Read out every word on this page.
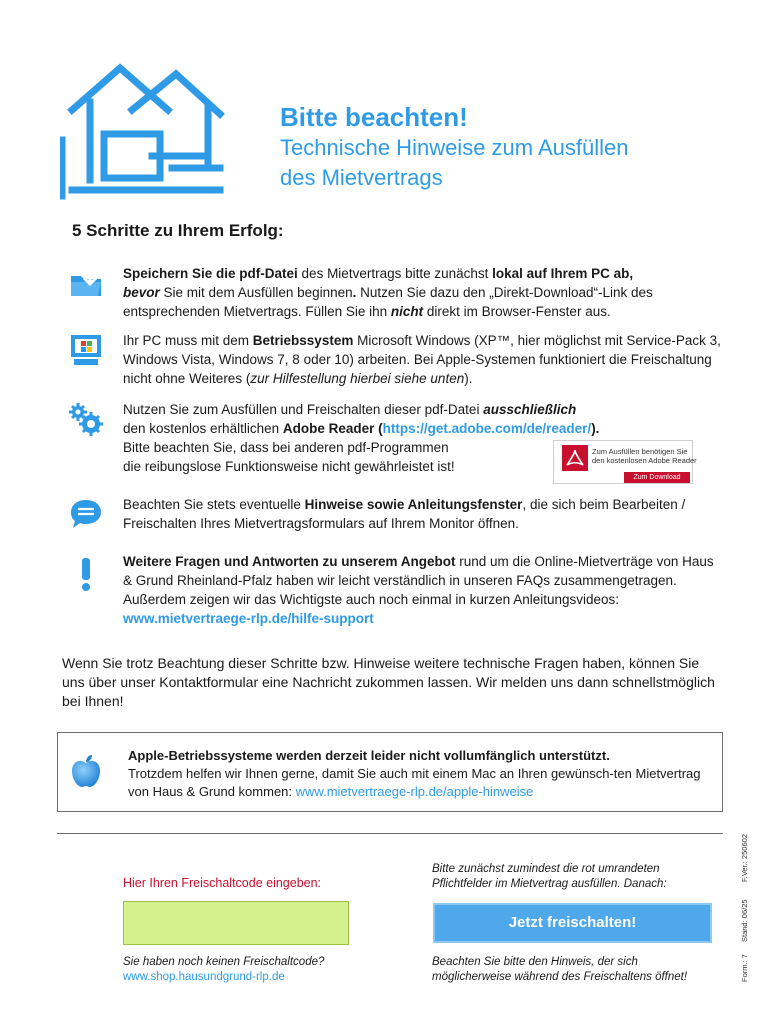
Bitte beachten!
Technische Hinweise zum Ausfüllen des Mietvertrags
5 Schritte zu Ihrem Erfolg:
Speichern Sie die pdf-Datei des Mietvertrags bitte zunächst lokal auf Ihrem PC ab,
bevor Sie mit dem Ausfüllen beginnen. Nutzen Sie dazu den „Direkt-Download“-Link des entsprechenden Mietvertrags. Füllen Sie ihn nicht direkt im Browser-Fenster aus.
Ihr PC muss mit dem Betriebssystem Microsoft Windows (XP™, hier möglichst mit Service-Pack 3, Windows Vista, Windows 7, 8 oder 10) arbeiten. Bei Apple-Systemen funktioniert die Freischaltung nicht ohne Weiteres (zur Hilfestellung hierbei siehe unten).
Nutzen Sie zum Ausfüllen und Freischalten dieser pdf-Datei ausschließlich
den kostenlos erhältlichen Adobe Reader (https://get.adobe.com/de/reader/).
Bitte beachten Sie, dass bei anderen pdf-Programmen
die reibungslose Funktionsweise nicht gewährleistet ist!
Zum Ausfüllen benötigen Sie
den kostenlosen Adobe Reader
Zum Download
Beachten Sie stets eventuelle Hinweise sowie Anleitungsfenster, die sich beim Bearbeiten / Freischalten Ihres Mietvertragsformulars auf Ihrem Monitor öffnen.
Weitere Fragen und Antworten zu unserem Angebot rund um die Online-Mietverträge von Haus & Grund Rheinland-Pfalz haben wir leicht verständlich in unseren FAQs zusammengetragen. Außerdem zeigen wir das Wichtigste auch noch einmal in kurzen Anleitungsvideos: www.mietvertraege-rlp.de/hilfe-support
Wenn Sie trotz Beachtung dieser Schritte bzw. Hinweise weitere technische Fragen haben, können Sie uns über unser Kontaktformular eine Nachricht zukommen lassen. Wir melden uns dann schnellstmöglich bei Ihnen!
Apple-Betriebssysteme werden derzeit leider nicht vollumfänglich unterstützt.
Trotzdem helfen wir Ihnen gerne, damit Sie auch mit einem Mac an Ihren gewünsch-ten Mietvertrag von Haus & Grund kommen: www.mietvertraege-rlp.de/apple-hinweise
Hier Ihren Freischaltcode eingeben:
Sie haben noch keinen Freischaltcode?
www.shop.hausundgrund-rlp.de
Bitte zunächst zumindest die rot umrandeten
Pflichtfelder im Mietvertrag ausfüllen. Danach:
Jetzt freischalten!
Beachten Sie bitte den Hinweis, der sich
möglicherweise während des Freischaltens öffnet!	Form.: 7
Stand: 06/25
F.Ver.: 250602
